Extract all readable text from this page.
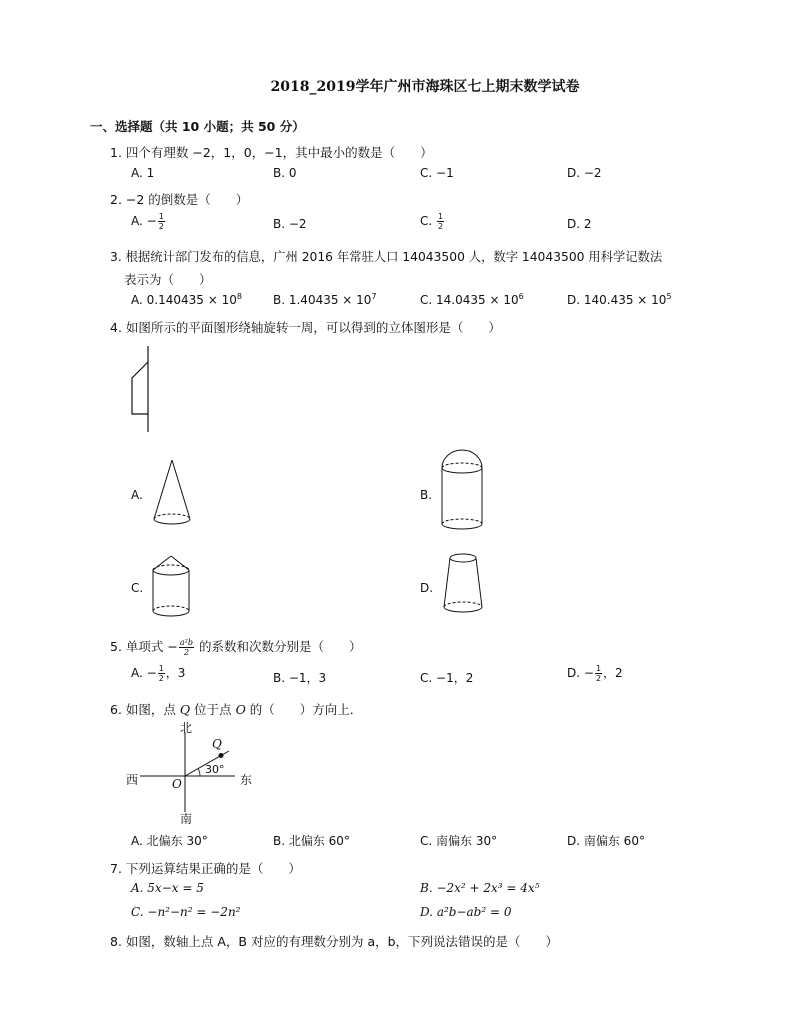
2018_2019学年广州市海珠区七上期末数学试卷
一、选择题（共 10 小题；共 50 分）
1. 四个有理数 −2，1，0，−1，其中最小的数是（　　）
A. 1	B. 0	C. −1	D. −2
2. −2 的倒数是（　　）
A. − $\frac{1}{2}$	B. −2	C. $\frac{1}{2}$	D. 2
3. 根据统计部门发布的信息，广州 2016 年常驻人口 14043500 人，数字 14043500 用科学记数法
表示为（　　）
A. $0.140435 \times 10^8$	B. $1.40435 \times 10^7$	C. $14.0435 \times 10^6$	D. $140.435 \times 10^5$
4. 如图所示的平面图形绕轴旋转一周，可以得到的立体图形是（　　）
A.	B.
C.	D.
5. 单项式 − $\frac{\text{a²b}}{2}$ 的系数和次数分别是（　　）
A. − $\frac{1}{2}$ ，3	B. −1，3	C. −1，2	D. − $\frac{1}{2}$ ，2
6. 如图，点 Q 位于点 O 的（　　）方向上．
北
南
西	东
Q
O
30°
A. 北偏东 30°	B. 北偏东 60°	C. 南偏东 30°	D. 南偏东 60°
7. 下列运算结果正确的是（　　）
A. 5x−x = 5	B. −2x² + 2x³ = 4x⁵
C. −n²−n² = −2n²	D. a²b−ab² = 0
8. 如图，数轴上点 A，B 对应的有理数分别为 a，b，下列说法错误的是（　　）
